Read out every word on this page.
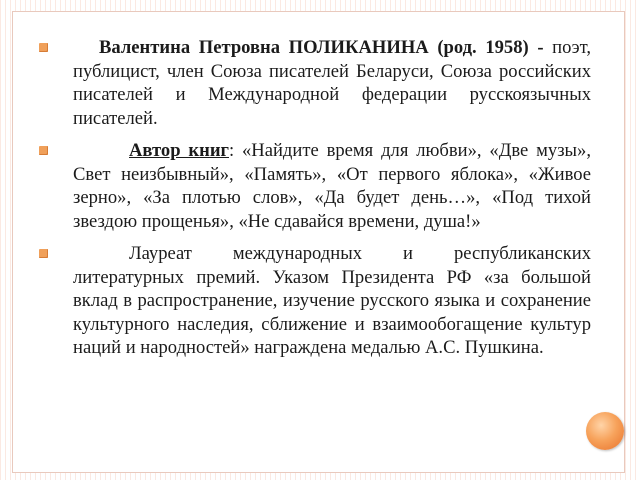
Валентина Петровна ПОЛИКАНИНА (род. 1958) - поэт, публицист, член Союза писателей Беларуси, Союза российских писателей и Международной федерации русскоязычных писателей.
Автор книг: «Найдите время для любви», «Две музы», Свет неизбывный», «Память», «От первого яблока», «Живое зерно», «За плотью слов», «Да будет день…», «Под тихой звездою прощенья», «Не сдавайся времени, душа!»
Лауреат международных и республиканских литературных премий. Указом Президента РФ «за большой вклад в распространение, изучение русского языка и сохранение культурного наследия, сближение и взаимообогащение культур наций и народностей» награждена медалью А.С. Пушкина.
